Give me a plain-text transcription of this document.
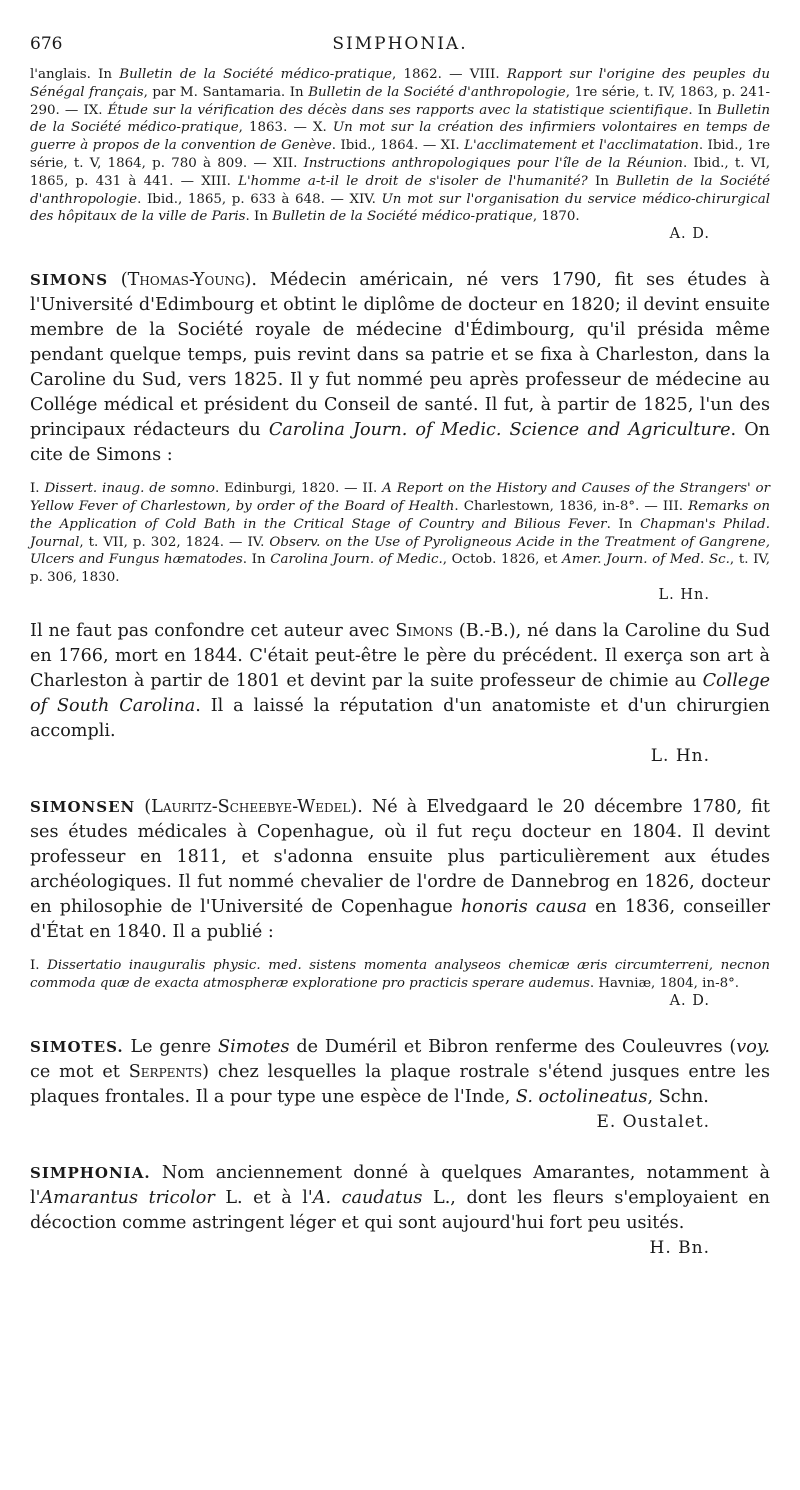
676	SIMPHONIA.

l'anglais. In Bulletin de la Société médico-pratique, 1862. — VIII. Rapport sur l'origine des peuples du Sénégal français, par M. Santamaria. In Bulletin de la Société d'anthropologie, 1re série, t. IV, 1863, p. 241-290. — IX. Étude sur la vérification des décès dans ses rapports avec la statistique scientifique. In Bulletin de la Société médico-pratique, 1863. — X. Un mot sur la création des infirmiers volontaires en temps de guerre à propos de la convention de Genève. Ibid., 1864. — XI. L'acclimatement et l'acclimatation. Ibid., 1re série, t. V, 1864, p. 780 à 809. — XII. Instructions anthropologiques pour l'île de la Réunion. Ibid., t. VI, 1865, p. 431 à 441. — XIII. L'homme a-t-il le droit de s'isoler de l'humanité? In Bulletin de la Société d'anthropologie. Ibid., 1865, p. 633 à 648. — XIV. Un mot sur l'organisation du service médico-chirurgical des hôpitaux de la ville de Paris. In Bulletin de la Société médico-pratique, 1870.

A. D.

SIMONS (Thomas-Young). Médecin américain, né vers 1790, fit ses études à l'Université d'Edimbourg et obtint le diplôme de docteur en 1820; il devint ensuite membre de la Société royale de médecine d'Édimbourg, qu'il présida même pendant quelque temps, puis revint dans sa patrie et se fixa à Charleston, dans la Caroline du Sud, vers 1825. Il y fut nommé peu après professeur de médecine au Collége médical et président du Conseil de santé. Il fut, à partir de 1825, l'un des principaux rédacteurs du Carolina Journ. of Medic. Science and Agriculture. On cite de Simons :

I. Dissert. inaug. de somno. Edinburgi, 1820. — II. A Report on the History and Causes of the Strangers' or Yellow Fever of Charlestown, by order of the Board of Health. Charlestown, 1836, in-8°. — III. Remarks on the Application of Cold Bath in the Critical Stage of Country and Bilious Fever. In Chapman's Philad. Journal, t. VII, p. 302, 1824. — IV. Observ. on the Use of Pyroligneous Acide in the Treatment of Gangrene, Ulcers and Fungus hæmatodes. In Carolina Journ. of Medic., Octob. 1826, et Amer. Journ. of Med. Sc., t. IV, p. 306, 1830.

L. Hn.

Il ne faut pas confondre cet auteur avec Simons (B.-B.), né dans la Caroline du Sud en 1766, mort en 1844. C'était peut-être le père du précédent. Il exerça son art à Charleston à partir de 1801 et devint par la suite professeur de chimie au College of South Carolina. Il a laissé la réputation d'un anatomiste et d'un chirurgien accompli.

L. Hn.

SIMONSEN (Lauritz-Scheebye-Wedel). Né à Elvedgaard le 20 décembre 1780, fit ses études médicales à Copenhague, où il fut reçu docteur en 1804. Il devint professeur en 1811, et s'adonna ensuite plus particulièrement aux études archéologiques. Il fut nommé chevalier de l'ordre de Dannebrog en 1826, docteur en philosophie de l'Université de Copenhague honoris causa en 1836, conseiller d'État en 1840. Il a publié :

I. Dissertatio inauguralis physic. med. sistens momenta analyseos chemicæ æris circumterreni, necnon commoda quæ de exacta atmospheræ exploratione pro practicis sperare audemus. Havniæ, 1804, in-8°.

A. D.

SIMOTES. Le genre Simotes de Duméril et Bibron renferme des Couleuvres (voy. ce mot et Serpents) chez lesquelles la plaque rostrale s'étend jusques entre les plaques frontales. Il a pour type une espèce de l'Inde, S. octolineatus, Schn.

E. Oustalet.

SIMPHONIA. Nom anciennement donné à quelques Amarantes, notamment à l'Amarantus tricolor L. et à l'A. caudatus L., dont les fleurs s'employaient en décoction comme astringent léger et qui sont aujourd'hui fort peu usités.

H. Bn.
